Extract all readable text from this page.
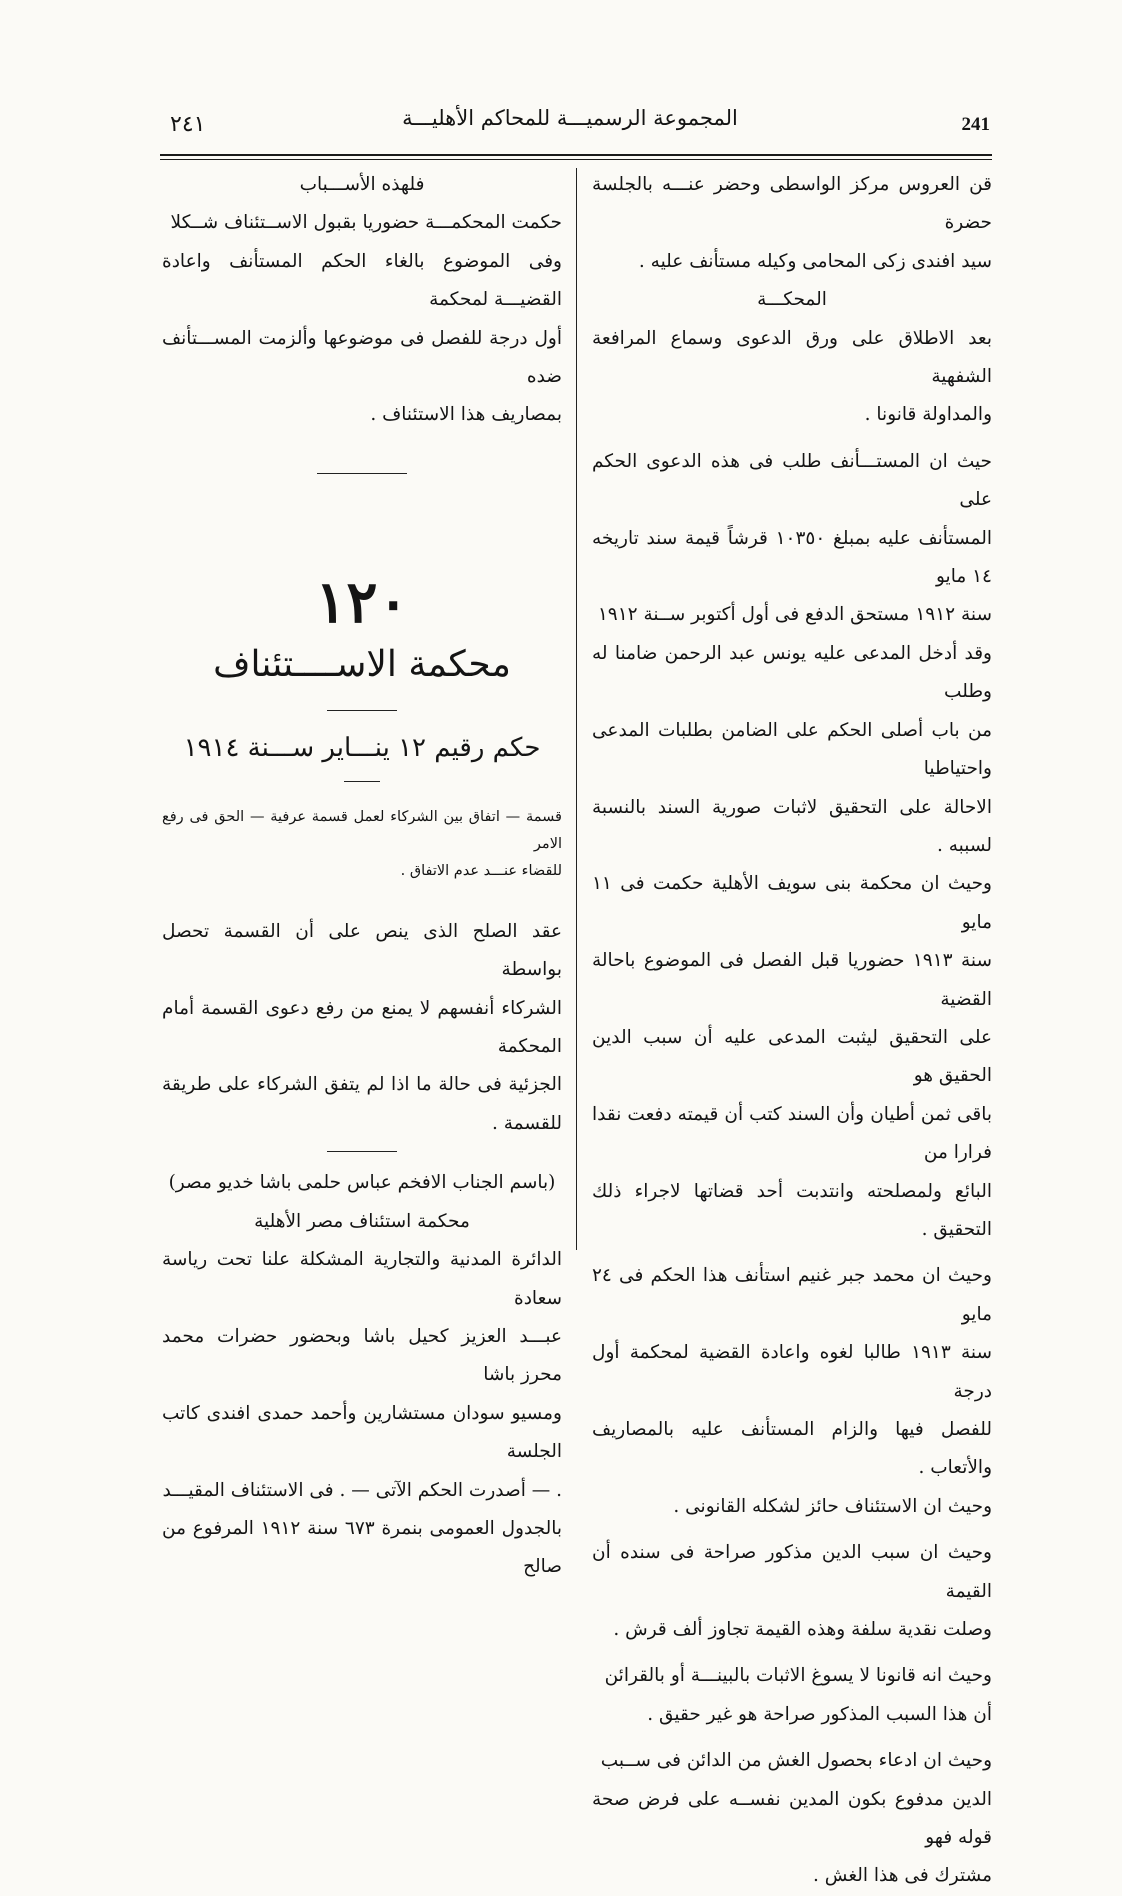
٢٤١	المجموعة الرسميـــة للمحاكم الأهليـــة	241

قن العروس مركز الواسطى وحضر عنـــه بالجلسة حضرة

سيد افندى زكى المحامى وكيله مستأنف عليه .

المحكـــة

بعد الاطلاق على ورق الدعوى وسماع المرافعة الشفهية

والمداولة قانونا .

حيث ان المستـــأنف طلب فى هذه الدعوى الحكم على

المستأنف عليه بمبلغ ١٠٣٥٠ قرشاً قيمة سند تاريخه ١٤ مايو

سنة ١٩١٢ مستحق الدفع فى أول أكتوبر ســنة ١٩١٢

وقد أدخل المدعى عليه يونس عبد الرحمن ضامنا له وطلب

من باب أصلى الحكم على الضامن بطلبات المدعى واحتياطيا

الاحالة على التحقيق لاثبات صورية السند بالنسبة لسببه .

وحيث ان محكمة بنى سويف الأهلية حكمت فى ١١ مايو

سنة ١٩١٣ حضوريا قبل الفصل فى الموضوع باحالة القضية

على التحقيق ليثبت المدعى عليه أن سبب الدين الحقيق هو

باقى ثمن أطيان وأن السند كتب أن قيمته دفعت نقدا فرارا من

البائع ولمصلحته وانتدبت أحد قضاتها لاجراء ذلك التحقيق .

وحيث ان محمد جبر غنيم استأنف هذا الحكم فى ٢٤ مايو

سنة ١٩١٣ طالبا لغوه واعادة القضية لمحكمة أول درجة

للفصل فيها والزام المستأنف عليه بالمصاريف والأتعاب .

وحيث ان الاستئناف حائز لشكله القانونى .

وحيث ان سبب الدين مذكور صراحة فى سنده أن القيمة

وصلت نقدية سلفة وهذه القيمة تجاوز ألف قرش .

وحيث انه قانونا لا يسوغ الاثبات بالبينـــة أو بالقرائن

أن هذا السبب المذكور صراحة هو غير حقيق .

وحيث ان ادعاء بحصول الغش من الدائن فى ســبب

الدين مدفوع بكون المدين نفســه على فرض صحة قوله فهو

مشترك فى هذا الغش .

فلهذه الأســـباب

حكمت المحكمـــة حضوريا بقبول الاســتئناف شــكلا

وفى الموضوع بالغاء الحكم المستأنف واعادة القضيـــة لمحكمة

أول درجة للفصل فى موضوعها وألزمت المســـتأنف ضده

بمصاريف هذا الاستئناف .

١٢٠

محكمة الاســــتئناف

حكم رقيم ١٢ ينـــاير ســـنة ١٩١٤

قسمة — اتفاق بين الشركاء لعمل قسمة عرفية — الحق فى رفع الامر

للقضاء عنـــد عدم الاتفاق .

عقد الصلح الذى ينص على أن القسمة تحصل بواسطة

الشركاء أنفسهم لا يمنع من رفع دعوى القسمة أمام المحكمة

الجزئية فى حالة ما اذا لم يتفق الشركاء على طريقة للقسمة .

(باسم الجناب الافخم عباس حلمى باشا خديو مصر)

محكمة استئناف مصر الأهلية

الدائرة المدنية والتجارية المشكلة علنا تحت رياسة سعادة

عبـــد العزيز كحيل باشا وبحضور حضرات محمد محرز باشا

ومسيو سودان مستشارين وأحمد حمدى افندى كاتب الجلسة

. — أصدرت الحكم الآتى — . فى الاستئناف المقيـــد

بالجدول العمومى بنمرة ٦٧٣ سنة ١٩١٢ المرفوع من صالح
